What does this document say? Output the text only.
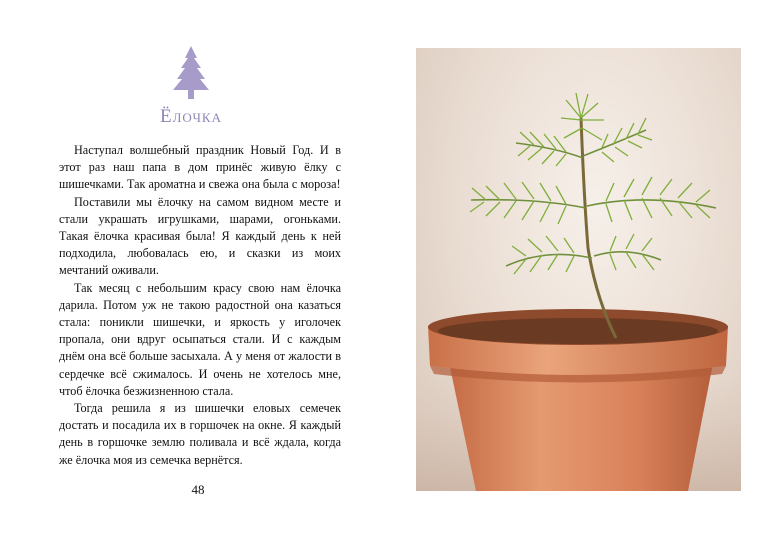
Ёлочка

Наступал волшебный праздник Новый Год. И в этот раз наш папа в дом принёс живую ёлку с шишечками. Так ароматна и свежа она была с мороза!

Поставили мы ёлочку на самом видном месте и стали украшать игрушками, шарами, огоньками. Такая ёлочка красивая была! Я каждый день к ней подходила, любовалась ею, и сказки из моих мечтаний оживали.

Так месяц с небольшим красу свою нам ёлочка дарила. Потом уж не такою радостной она казаться стала: поникли шишечки, и яркость у иголочек пропала, они вдруг осыпаться стали. И с каждым днём она всё больше засыхала. А у меня от жалости в сердечке всё сжималось. И очень не хотелось мне, чтоб ёлочка безжизненною стала.

Тогда решила я из шишечки еловых семечек достать и посадила их в горшочек на окне. Я каждый день в горшочке землю поливала и всё ждала, когда же ёлочка моя из семечка вернётся.

48
